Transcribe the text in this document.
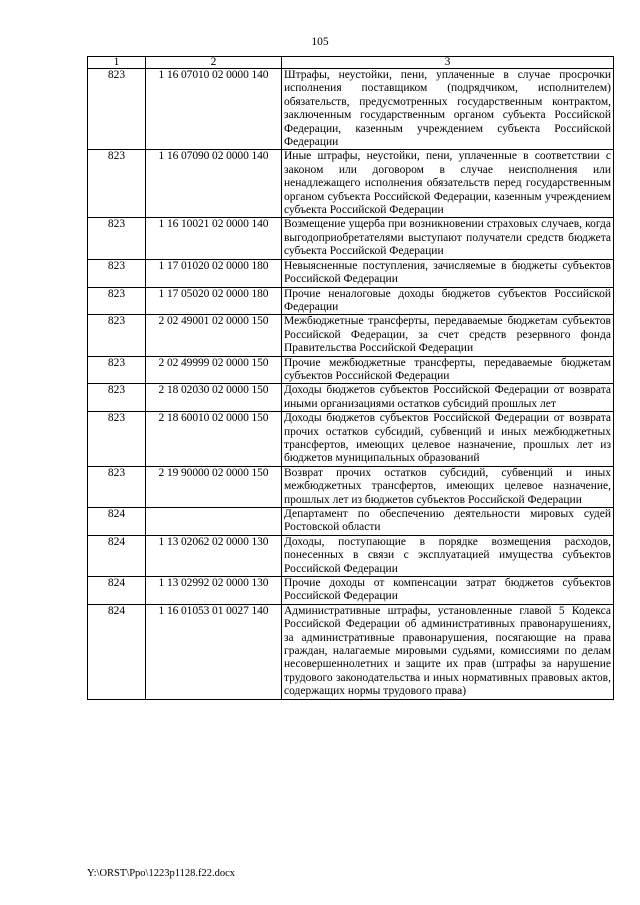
105
1	2	3
823	1 16 07010 02 0000 140	Штрафы, неустойки, пени, уплаченные в случае просрочки исполнения поставщиком (подрядчиком, исполнителем) обязательств, предусмотренных государственным контрактом, заключенным государственным органом субъекта Российской Федерации, казенным учреждением субъекта Российской Федерации
823	1 16 07090 02 0000 140	Иные штрафы, неустойки, пени, уплаченные в соответствии с законом или договором в случае неисполнения или ненадлежащего исполнения обязательств перед государственным органом субъекта Российской Федерации, казенным учреждением субъекта Российской Федерации
823	1 16 10021 02 0000 140	Возмещение ущерба при возникновении страховых случаев, когда выгодоприобретателями выступают получатели средств бюджета субъекта Российской Федерации
823	1 17 01020 02 0000 180	Невыясненные поступления, зачисляемые в бюджеты субъектов Российской Федерации
823	1 17 05020 02 0000 180	Прочие неналоговые доходы бюджетов субъектов Российской Федерации
823	2 02 49001 02 0000 150	Межбюджетные трансферты, передаваемые бюджетам субъектов Российской Федерации, за счет средств резервного фонда Правительства Российской Федерации
823	2 02 49999 02 0000 150	Прочие межбюджетные трансферты, передаваемые бюджетам субъектов Российской Федерации
823	2 18 02030 02 0000 150	Доходы бюджетов субъектов Российской Федерации от возврата иными организациями остатков субсидий прошлых лет
823	2 18 60010 02 0000 150	Доходы бюджетов субъектов Российской Федерации от возврата прочих остатков субсидий, субвенций и иных межбюджетных трансфертов, имеющих целевое назначение, прошлых лет из бюджетов муниципальных образований
823	2 19 90000 02 0000 150	Возврат прочих остатков субсидий, субвенций и иных межбюджетных трансфертов, имеющих целевое назначение, прошлых лет из бюджетов субъектов Российской Федерации
824		Департамент по обеспечению деятельности мировых судей Ростовской области
824	1 13 02062 02 0000 130	Доходы, поступающие в порядке возмещения расходов, понесенных в связи с эксплуатацией имущества субъектов Российской Федерации
824	1 13 02992 02 0000 130	Прочие доходы от компенсации затрат бюджетов субъектов Российской Федерации
824	1 16 01053 01 0027 140	Административные штрафы, установленные главой 5 Кодекса Российской Федерации об административных правонарушениях, за административные правонарушения, посягающие на права граждан, налагаемые мировыми судьями, комиссиями по делам несовершеннолетних и защите их прав (штрафы за нарушение трудового законодательства и иных нормативных правовых актов, содержащих нормы трудового права)
Y:\ORST\Ppo\1223p1128.f22.docx
